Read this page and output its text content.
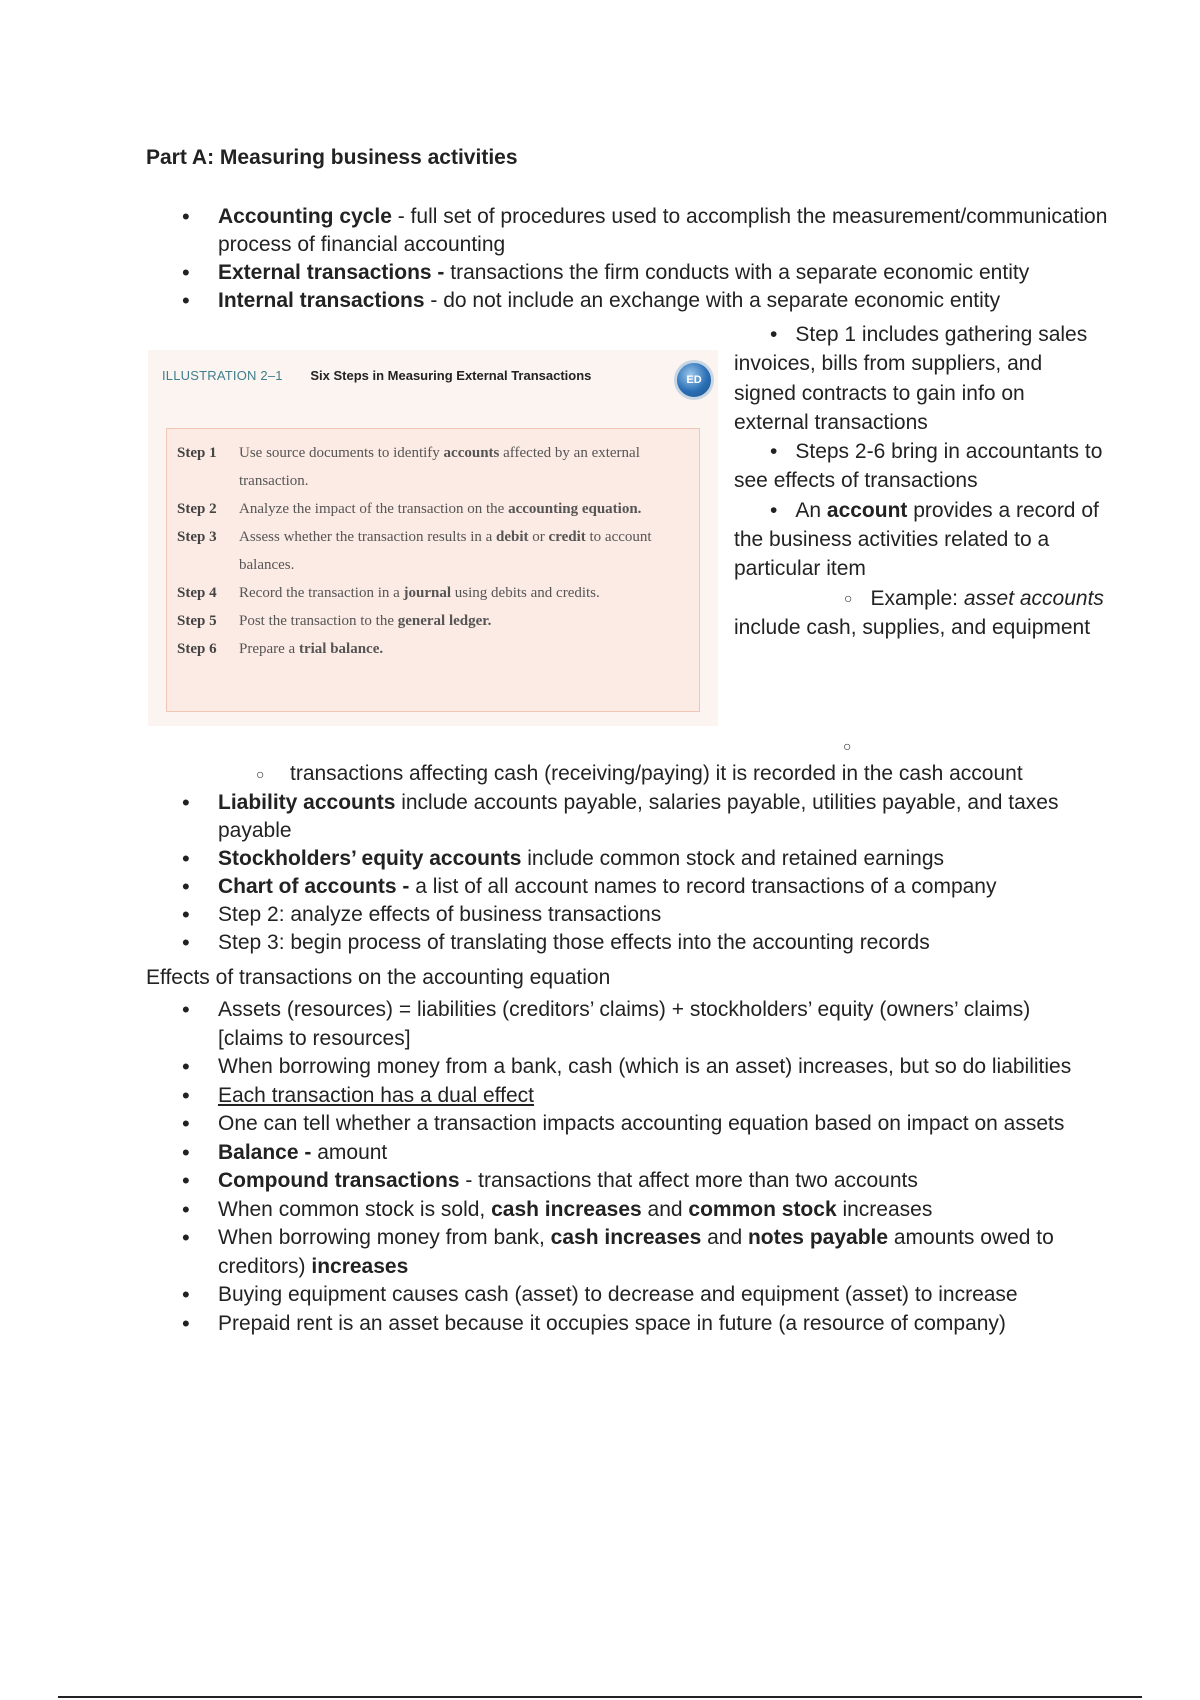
Part A: Measuring business activities
• Accounting cycle - full set of procedures used to accomplish the measurement/communication process of financial accounting
• External transactions - transactions the firm conducts with a separate economic entity
• Internal transactions - do not include an exchange with a separate economic entity
ILLUSTRATION 2–1 Six Steps in Measuring External Transactions	ED
Step 1	Use source documents to identify accounts affected by an external transaction.
Step 2	Analyze the impact of the transaction on the accounting equation.
Step 3	Assess whether the transaction results in a debit or credit to account balances.
Step 4	Record the transaction in a journal using debits and credits.
Step 5	Post the transaction to the general ledger.
Step 6	Prepare a trial balance.

• Step 1 includes gathering sales invoices, bills from suppliers, and signed contracts to gain info on external transactions

• Steps 2-6 bring in accountants to see effects of transactions

• An account provides a record of the business activities related to a particular item

○ Example: asset accounts include cash, supplies, and equipment

○
○ transactions affecting cash (receiving/paying) it is recorded in the cash account
• Liability accounts include accounts payable, salaries payable, utilities payable, and taxes payable
• Stockholders’ equity accounts include common stock and retained earnings
• Chart of accounts - a list of all account names to record transactions of a company
• Step 2: analyze effects of business transactions
• Step 3: begin process of translating those effects into the accounting records

Effects of transactions on the accounting equation

• Assets (resources) = liabilities (creditors’ claims) + stockholders’ equity (owners’ claims) [claims to resources]
• When borrowing money from a bank, cash (which is an asset) increases, but so do liabilities
• Each transaction has a dual effect
• One can tell whether a transaction impacts accounting equation based on impact on assets
• Balance - amount
• Compound transactions - transactions that affect more than two accounts
• When common stock is sold, cash increases and common stock increases
• When borrowing money from bank, cash increases and notes payable amounts owed to creditors) increases
• Buying equipment causes cash (asset) to decrease and equipment (asset) to increase
• Prepaid rent is an asset because it occupies space in future (a resource of company)
